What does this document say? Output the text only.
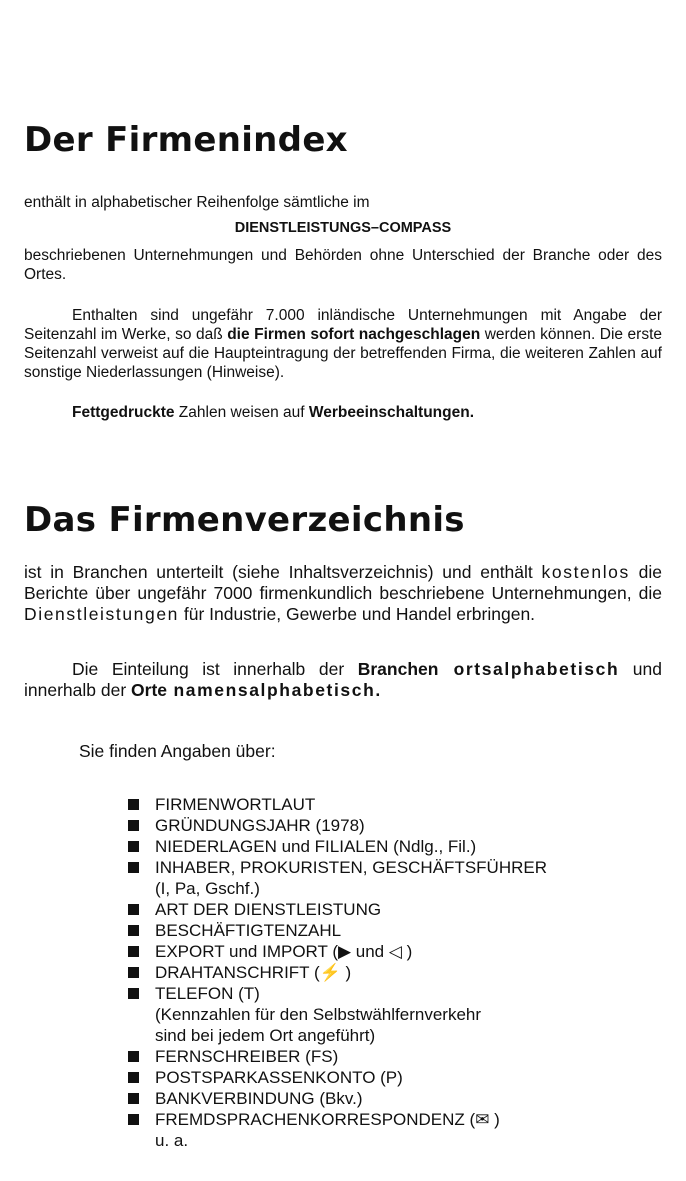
Der Firmenindex

enthält in alphabetischer Reihenfolge sämtliche im

DIENSTLEISTUNGS–COMPASS

beschriebenen Unternehmungen und Behörden ohne Unterschied der Branche oder des Ortes.

Enthalten sind ungefähr 7.000 inländische Unternehmungen mit Angabe der Seitenzahl im Werke, so daß die Firmen sofort nachgeschlagen werden können. Die erste Seitenzahl verweist auf die Haupteintragung der betreffenden Firma, die weiteren Zahlen auf sonstige Niederlassungen (Hinweise).

Fettgedruckte Zahlen weisen auf Werbeeinschaltungen.

Das Firmenverzeichnis

ist in Branchen unterteilt (siehe Inhaltsverzeichnis) und enthält kostenlos die Berichte über ungefähr 7000 firmenkundlich beschriebene Unternehmungen, die Dienstleistungen für Industrie, Gewerbe und Handel erbringen.

Die Einteilung ist innerhalb der Branchen ortsalphabetisch und innerhalb der Orte namensalphabetisch.

Sie finden Angaben über:

FIRMENWORTLAUT
GRÜNDUNGSJAHR (1978)
NIEDERLAGEN und FILIALEN (Ndlg., Fil.)
INHABER, PROKURISTEN, GESCHÄFTSFÜHRER
(I, Pa, Gschf.)
ART DER DIENSTLEISTUNG
BESCHÄFTIGTENZAHL
EXPORT und IMPORT (▶ und ◁ )
DRAHTANSCHRIFT (⚡ )
TELEFON (T)
(Kennzahlen für den Selbstwählfernverkehr
sind bei jedem Ort angeführt)
FERNSCHREIBER (FS)
POSTSPARKASSENKONTO (P)
BANKVERBINDUNG (Bkv.)
FREMDSPRACHENKORRESPONDENZ (✉ )
u. a.
